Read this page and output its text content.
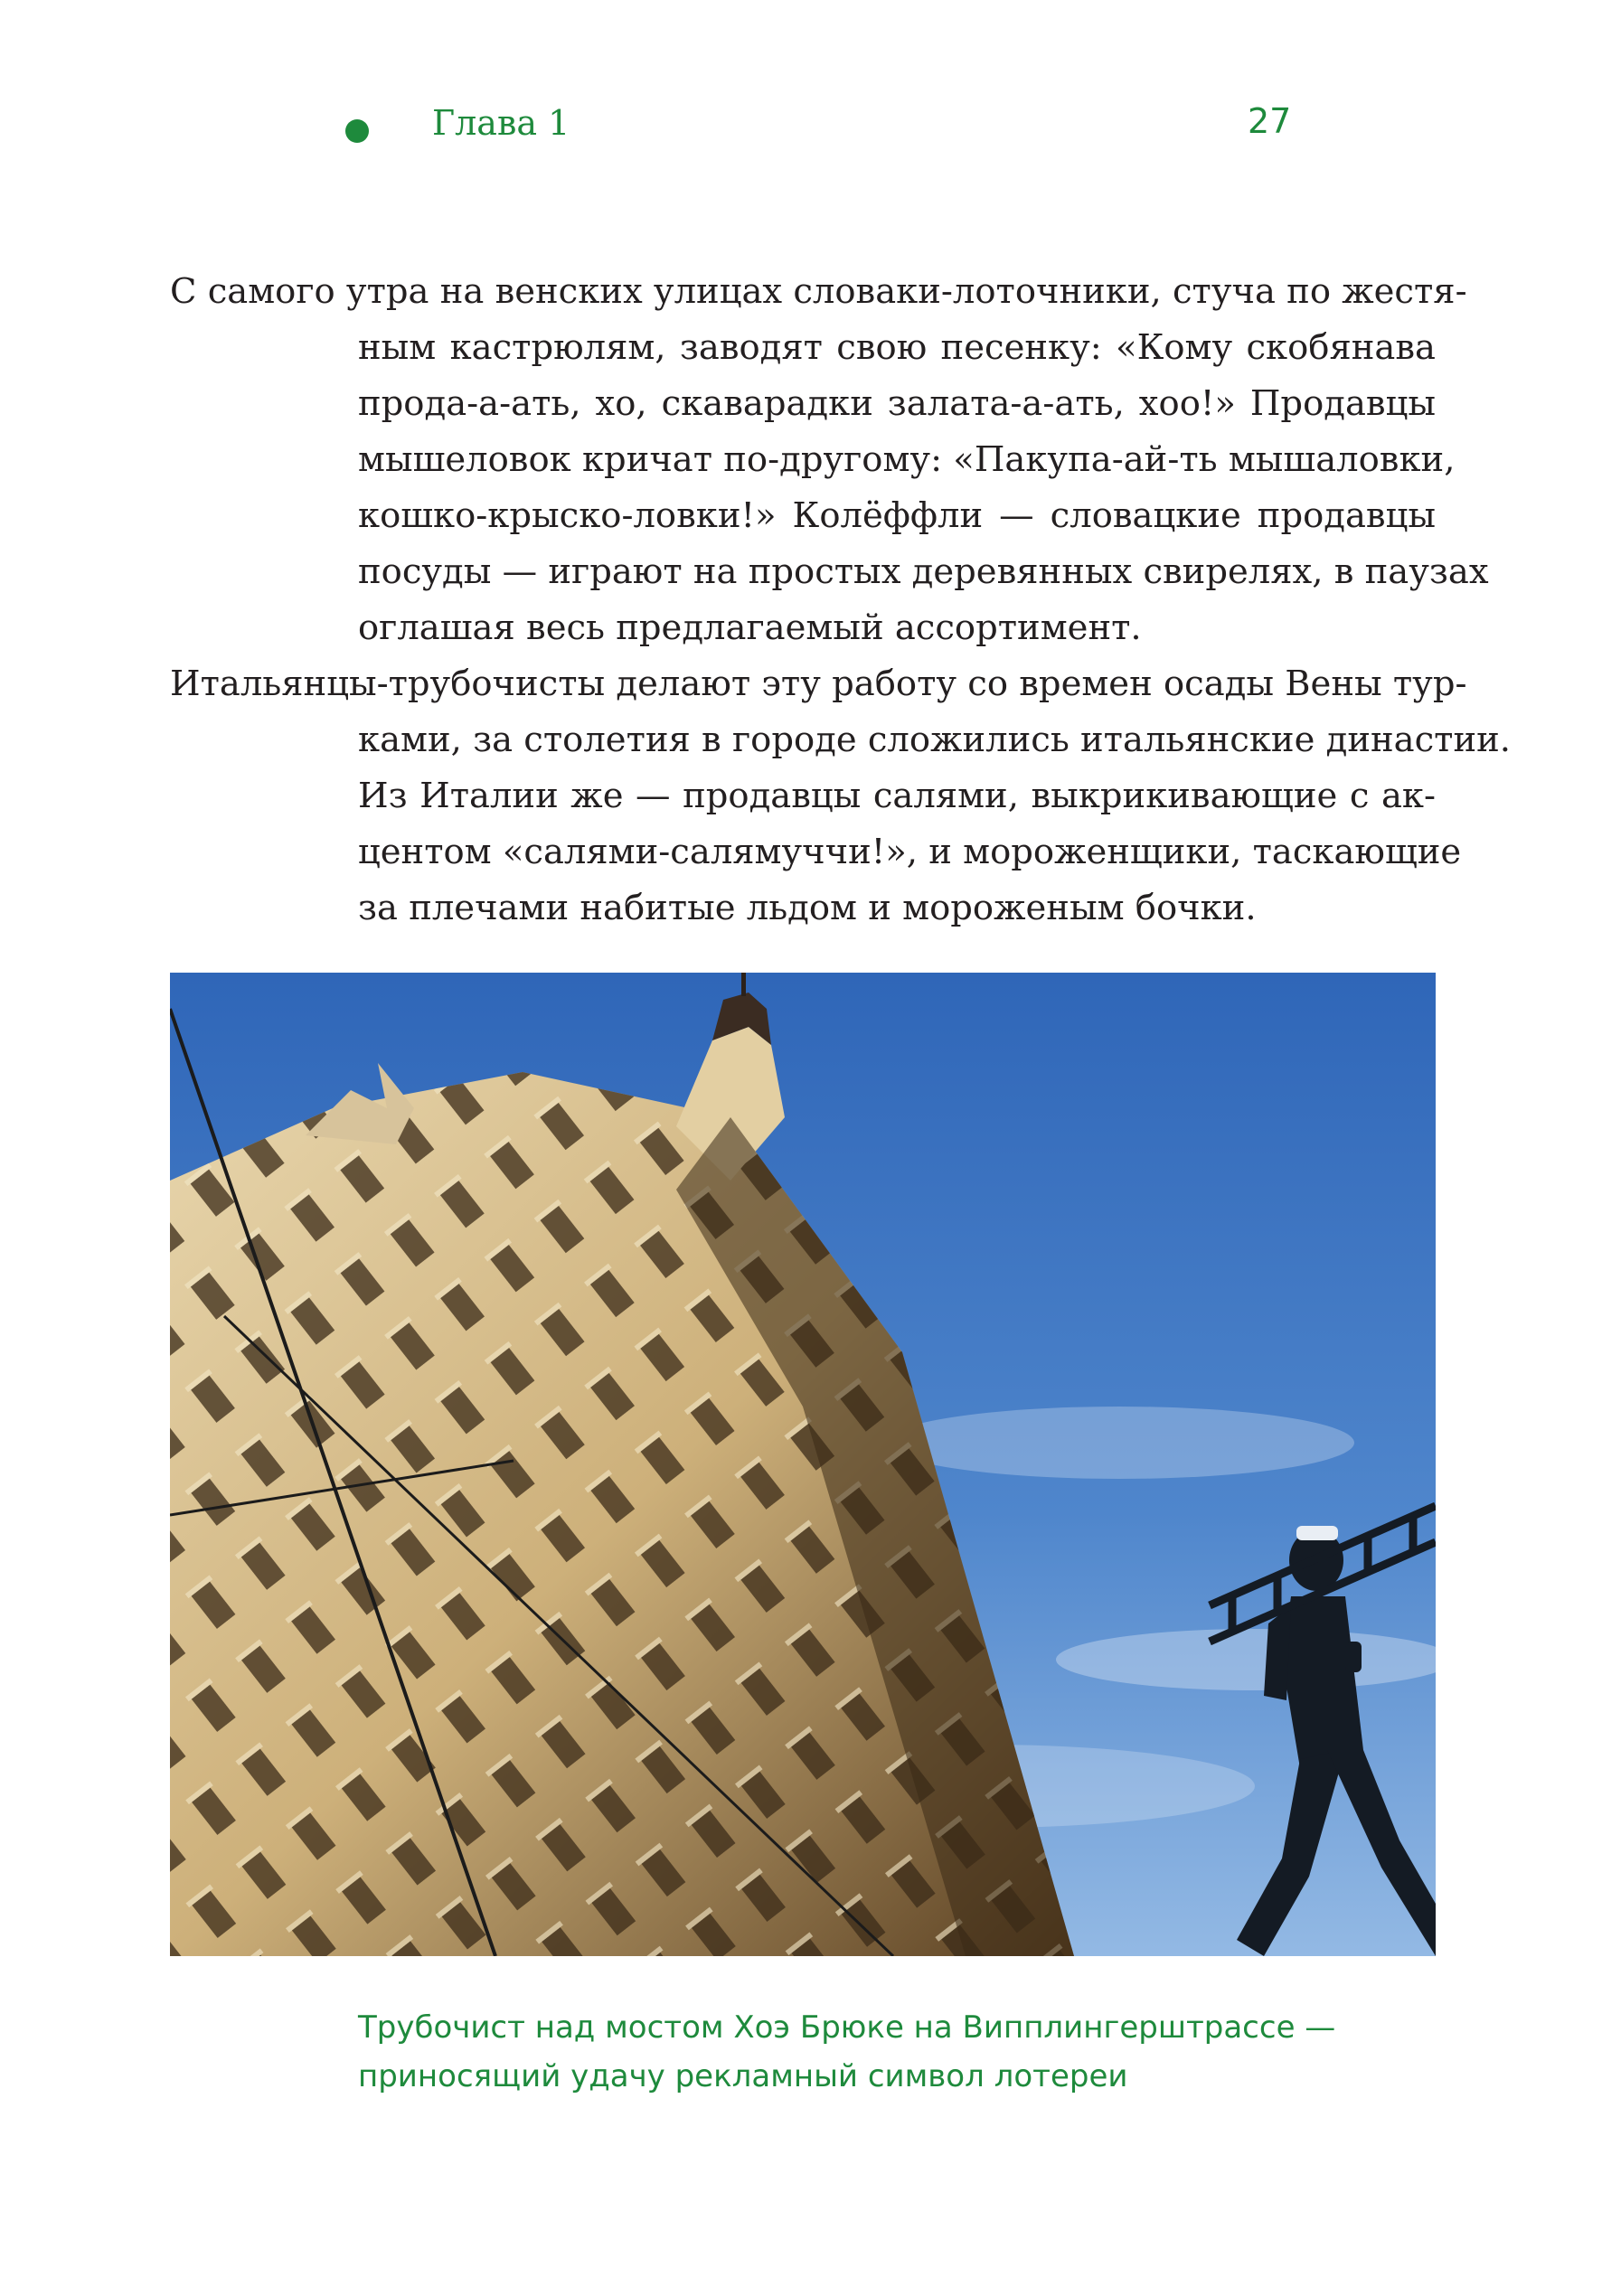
Глава 1	27

С самого утра на венских улицах словаки-лоточники, стуча по жестя-
ным кастрюлям, заводят свою песенку: «Кому скобянава
прода-а-ать, хо, скаварадки залата-а-ать, хоо!» Продавцы
мышеловок кричат по-другому: «Пакупа-ай-ть мышаловки,
кошко-крыско-ловки!» Колёффли — словацкие продавцы
посуды — играют на простых деревянных свирелях, в паузах
оглашая весь предлагаемый ассортимент.

Итальянцы-трубочисты делают эту работу со времен осады Вены тур-
ками, за столетия в городе сложились итальянские династии.
Из Италии же — продавцы салями, выкрикивающие с ак-
центом «салями-салямуччи!», и мороженщики, таскающие
за плечами набитые льдом и мороженым бочки.

Трубочист над мостом Хоэ Брюке на Випплингерштрассе —
приносящий удачу рекламный символ лотереи
